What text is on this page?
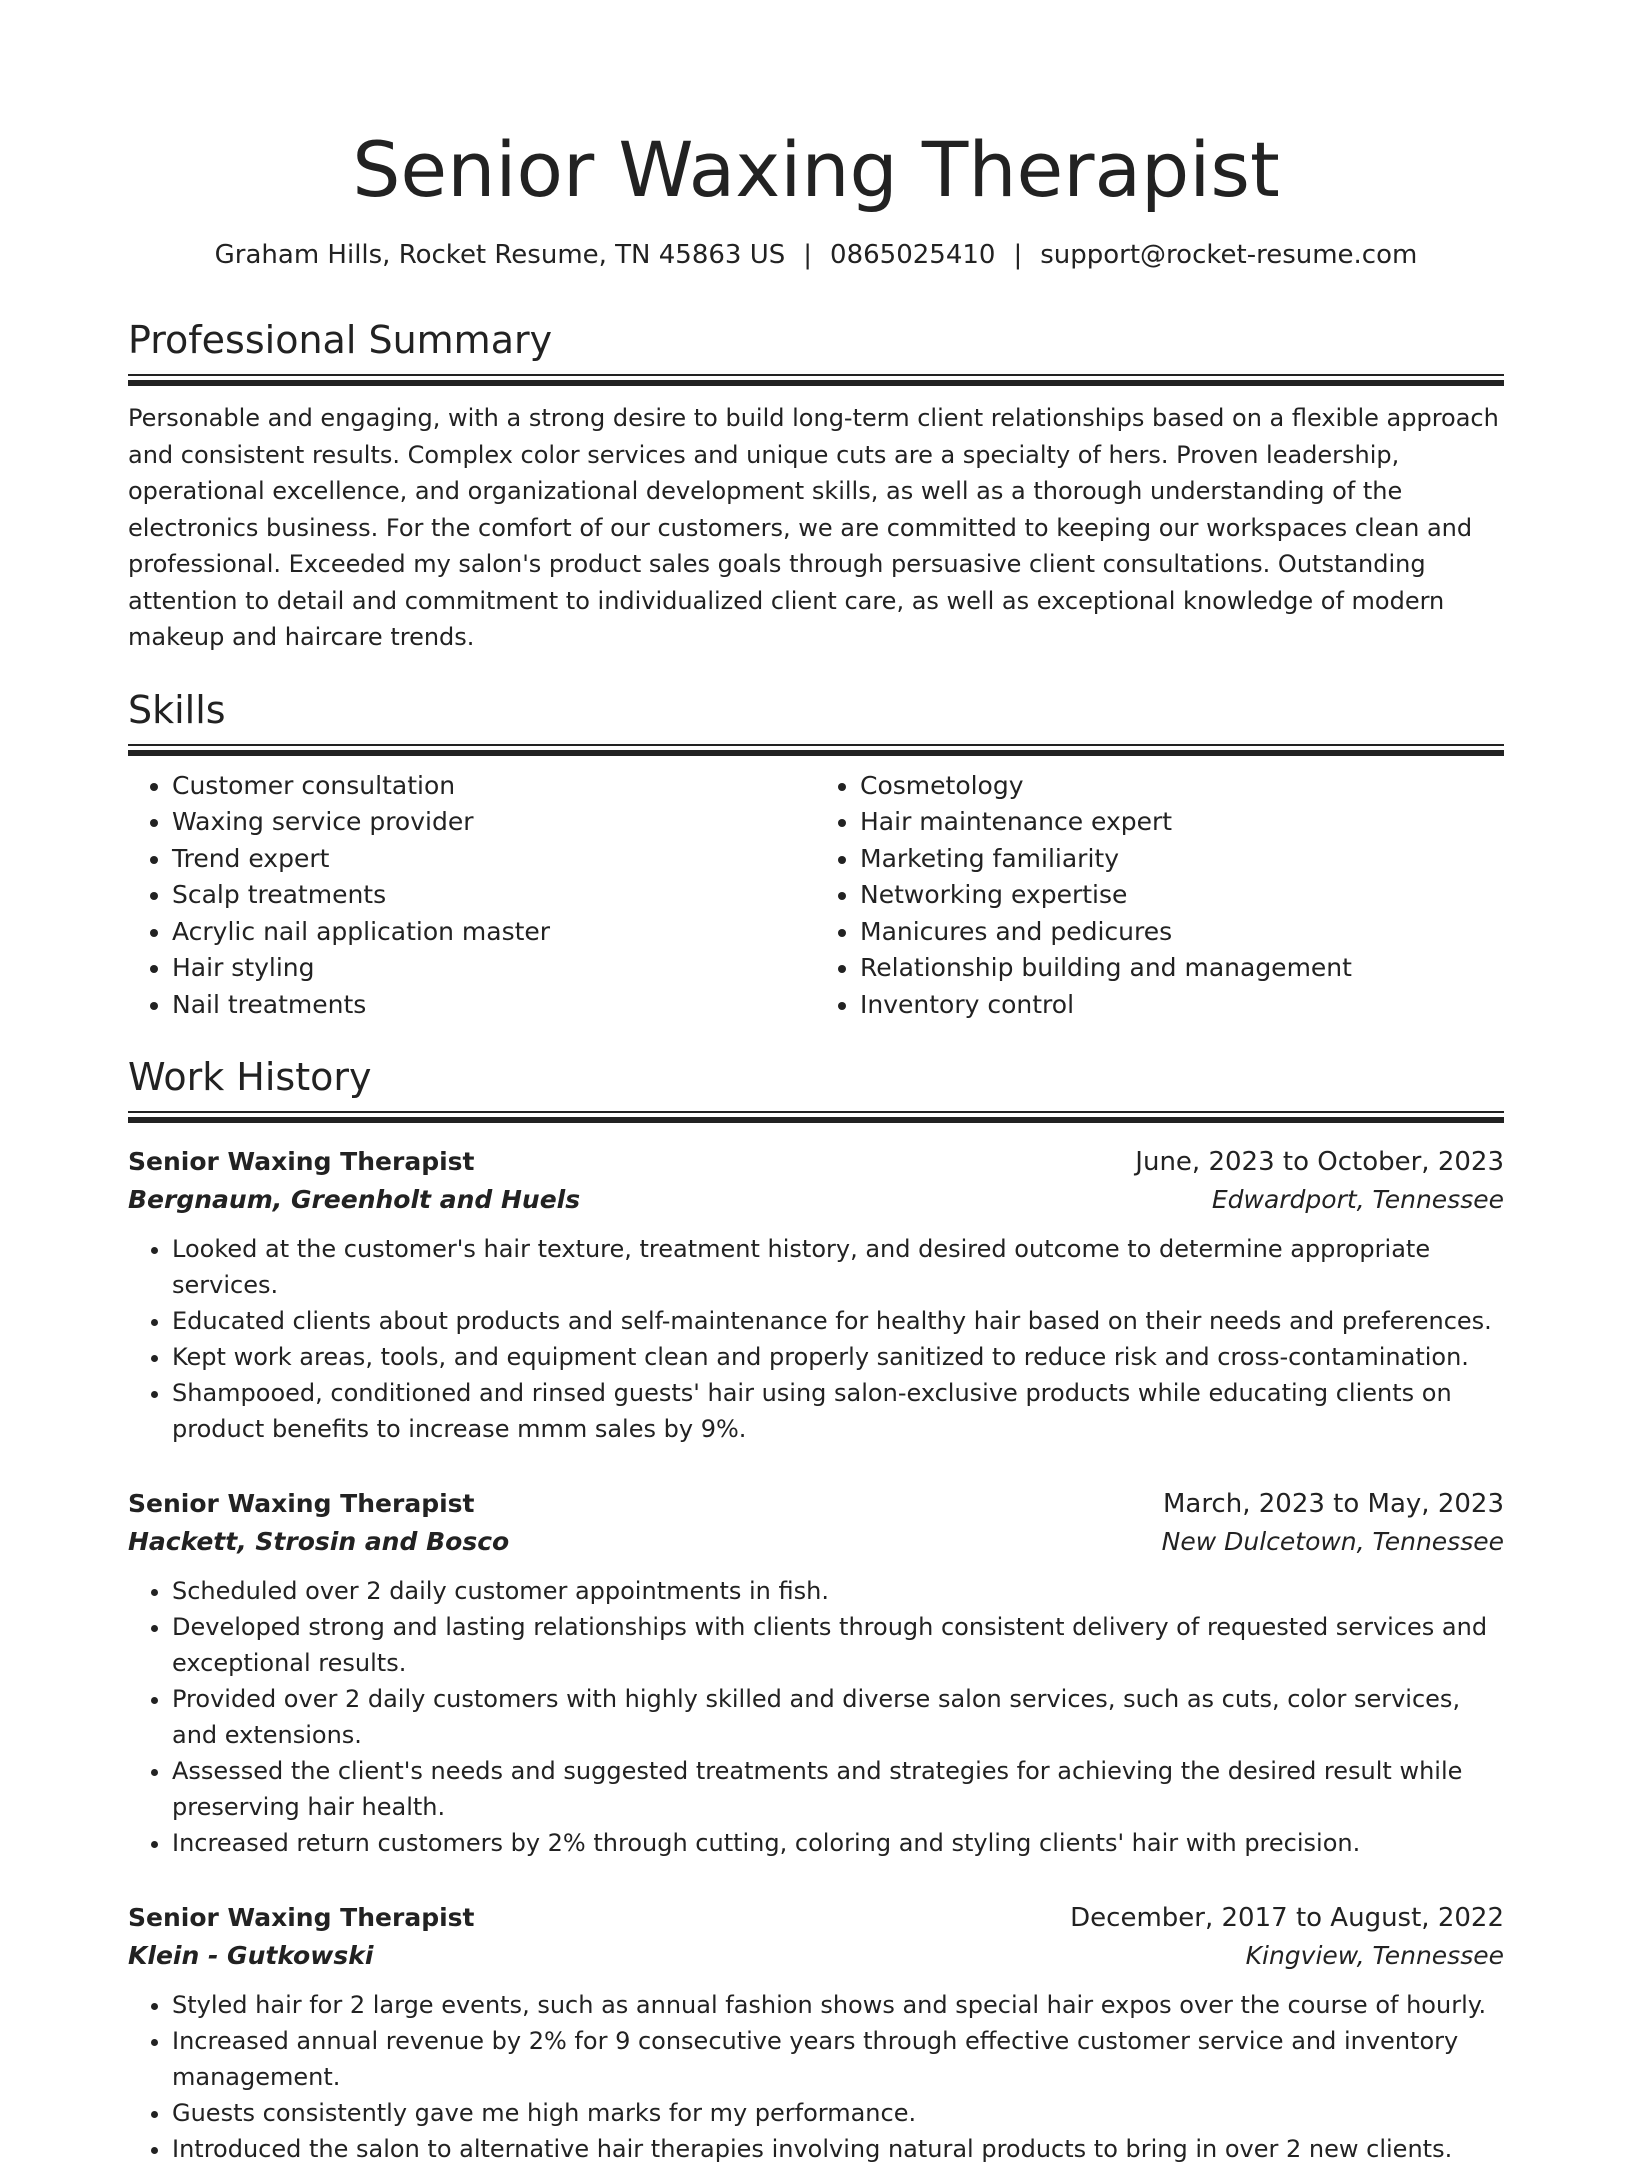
Senior Waxing Therapist
Graham Hills, Rocket Resume, TN 45863 US | 0865025410 | support@rocket-resume.com
Professional Summary

Personable and engaging, with a strong desire to build long-term client relationships based on a flexible approach and consistent results. Complex color services and unique cuts are a specialty of hers. Proven leadership, operational excellence, and organizational development skills, as well as a thorough understanding of the electronics business. For the comfort of our customers, we are committed to keeping our workspaces clean and professional. Exceeded my salon's product sales goals through persuasive client consultations. Outstanding attention to detail and commitment to individualized client care, as well as exceptional knowledge of modern makeup and haircare trends.

Skills
• Customer consultation
• Waxing service provider
• Trend expert
• Scalp treatments
• Acrylic nail application master
• Hair styling
• Nail treatments
• Cosmetology
• Hair maintenance expert
• Marketing familiarity
• Networking expertise
• Manicures and pedicures
• Relationship building and management
• Inventory control
Work History
Senior Waxing Therapist	June, 2023 to October, 2023
Bergnaum, Greenholt and Huels	Edwardport, Tennessee
• Looked at the customer's hair texture, treatment history, and desired outcome to determine appropriate services.
• Educated clients about products and self-maintenance for healthy hair based on their needs and preferences.
• Kept work areas, tools, and equipment clean and properly sanitized to reduce risk and cross-contamination.
• Shampooed, conditioned and rinsed guests' hair using salon-exclusive products while educating clients on product benefits to increase mmm sales by 9%.
Senior Waxing Therapist	March, 2023 to May, 2023
Hackett, Strosin and Bosco	New Dulcetown, Tennessee
• Scheduled over 2 daily customer appointments in fish.
• Developed strong and lasting relationships with clients through consistent delivery of requested services and exceptional results.
• Provided over 2 daily customers with highly skilled and diverse salon services, such as cuts, color services, and extensions.
• Assessed the client's needs and suggested treatments and strategies for achieving the desired result while preserving hair health.
• Increased return customers by 2% through cutting, coloring and styling clients' hair with precision.
Senior Waxing Therapist	December, 2017 to August, 2022
Klein - Gutkowski	Kingview, Tennessee
• Styled hair for 2 large events, such as annual fashion shows and special hair expos over the course of hourly.
• Increased annual revenue by 2% for 9 consecutive years through effective customer service and inventory management.
• Guests consistently gave me high marks for my performance.
• Introduced the salon to alternative hair therapies involving natural products to bring in over 2 new clients.
